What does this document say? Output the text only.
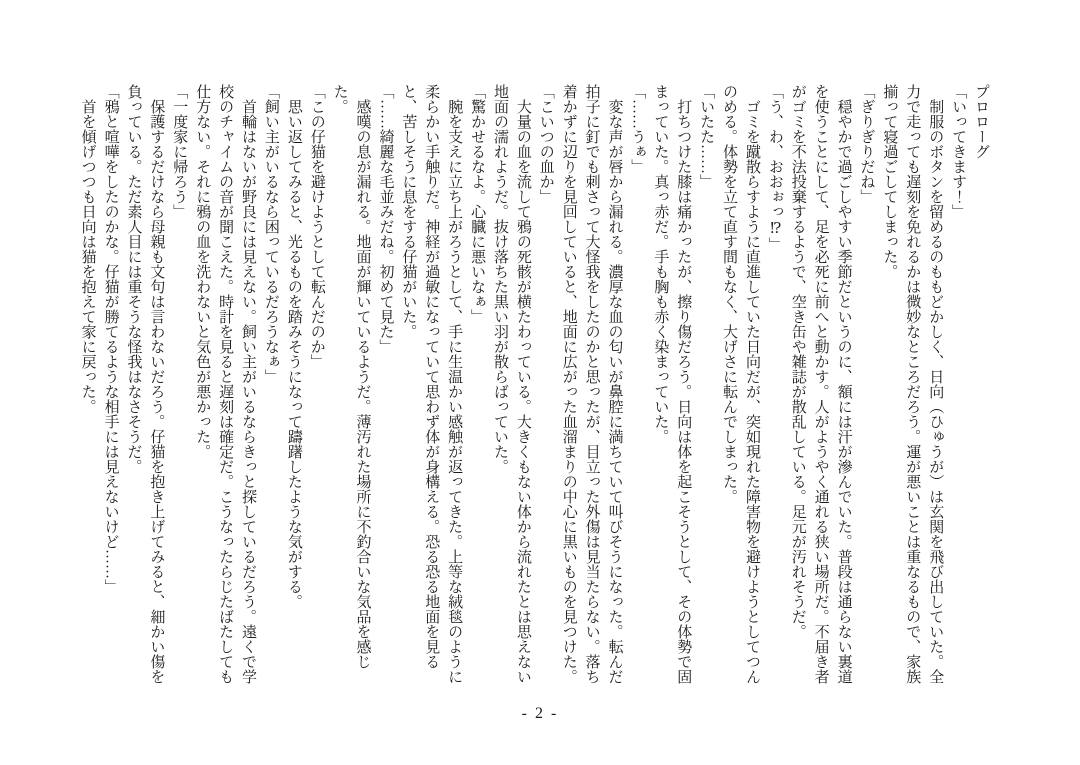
プロローグ

「いってきます！」

制服のボタンを留めるのももどかしく、日向（ひゅうが）は玄関を飛び出していた。全力で走っても遅刻を免れるかは微妙なところだろう。運が悪いことは重なるもので、家族揃って寝過ごしてしまった。

「ぎりぎりだね」

穏やかで過ごしやすい季節だというのに、額には汗が滲んでいた。普段は通らない裏道を使うことにして、足を必死に前へと動かす。人がようやく通れる狭い場所だ。不届き者がゴミを不法投棄するようで、空き缶や雑誌が散乱している。足元が汚れそうだ。

「う、わ、おおぉっ⁉」

ゴミを蹴散らすように直進していた日向だが、突如現れた障害物を避けようとしてつんのめる。体勢を立て直す間もなく、大げさに転んでしまった。

「いたた……」

打ちつけた膝は痛かったが、擦り傷だろう。日向は体を起こそうとして、その体勢で固まっていた。真っ赤だ。手も胸も赤く染まっていた。

「……うぁ」

変な声が唇から漏れる。濃厚な血の匂いが鼻腔に満ちていて叫びそうになった。転んだ拍子に釘でも刺さって大怪我をしたのかと思ったが、目立った外傷は見当たらない。落ち着かずに辺りを見回していると、地面に広がった血溜まりの中心に黒いものを見つけた。

「こいつの血か」

大量の血を流して鴉の死骸が横たわっている。大きくもない体から流れたとは思えない地面の濡れようだ。抜け落ちた黒い羽が散らばっていた。

「驚かせるなよ。心臓に悪いなぁ」

腕を支えに立ち上がろうとして、手に生温かい感触が返ってきた。上等な絨毯のように柔らかい手触りだ。神経が過敏になっていて思わず体が身構える。恐る恐る地面を見ると、苦しそうに息をする仔猫がいた。

「……綺麗な毛並みだね。初めて見た」

感嘆の息が漏れる。地面が輝いているようだ。薄汚れた場所に不釣合いな気品を感じた。

「この仔猫を避けようとして転んだのか」

思い返してみると、光るものを踏みそうになって躊躇したような気がする。

「飼い主がいるなら困っているだろうなぁ」

首輪はないが野良には見えない。飼い主がいるならきっと探しているだろう。遠くで学校のチャイムの音が聞こえた。時計を見ると遅刻は確定だ。こうなったらじたばたしても仕方ない。それに鴉の血を洗わないと気色が悪かった。

「一度家に帰ろう」

保護するだけなら母親も文句は言わないだろう。仔猫を抱き上げてみると、細かい傷を負っている。ただ素人目には重そうな怪我はなさそうだ。

「鴉と喧嘩をしたのかな。仔猫が勝てるような相手には見えないけど……」

首を傾げつつも日向は猫を抱えて家に戻った。

- 2 -
